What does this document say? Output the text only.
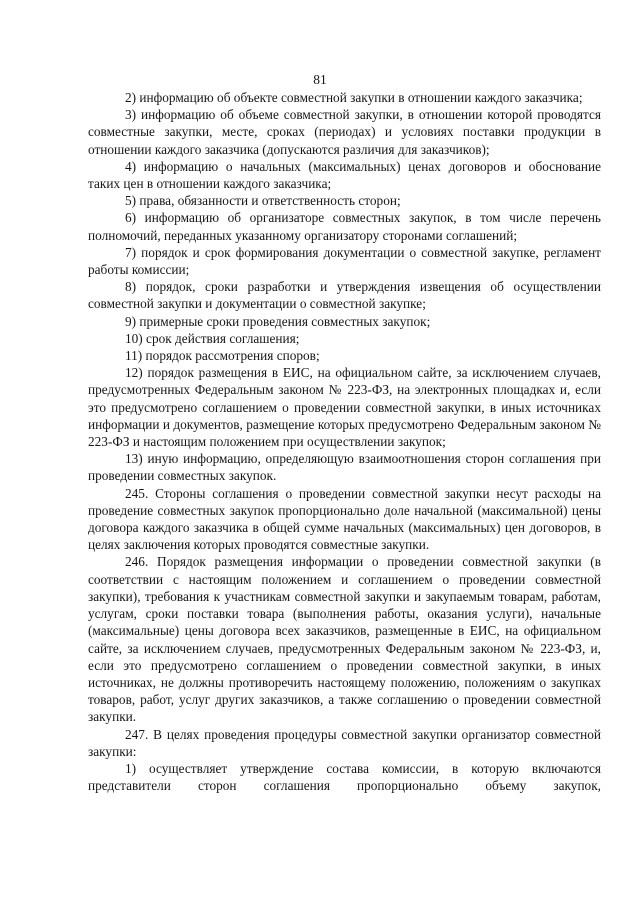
81

2) информацию об объекте совместной закупки в отношении каждого заказчика;

3) информацию об объеме совместной закупки, в отношении которой проводятся совместные закупки, месте, сроках (периодах) и условиях поставки продукции в отношении каждого заказчика (допускаются различия для заказчиков);

4) информацию о начальных (максимальных) ценах договоров и обоснование таких цен в отношении каждого заказчика;

5) права, обязанности и ответственность сторон;

6) информацию об организаторе совместных закупок, в том числе перечень полномочий, переданных указанному организатору сторонами соглашений;

7) порядок и срок формирования документации о совместной закупке, регламент работы комиссии;

8) порядок, сроки разработки и утверждения извещения об осуществлении совместной закупки и документации о совместной закупке;

9) примерные сроки проведения совместных закупок;

10) срок действия соглашения;

11) порядок рассмотрения споров;

12) порядок размещения в ЕИС, на официальном сайте, за исключением случаев, предусмотренных Федеральным законом № 223-ФЗ, на электронных площадках и, если это предусмотрено соглашением о проведении совместной закупки, в иных источниках информации и документов, размещение которых предусмотрено Федеральным законом № 223-ФЗ и настоящим положением при осуществлении закупок;

13) иную информацию, определяющую взаимоотношения сторон соглашения при проведении совместных закупок.

245. Стороны соглашения о проведении совместной закупки несут расходы на проведение совместных закупок пропорционально доле начальной (максимальной) цены договора каждого заказчика в общей сумме начальных (максимальных) цен договоров, в целях заключения которых проводятся совместные закупки.

246. Порядок размещения информации о проведении совместной закупки (в соответствии с настоящим положением и соглашением о проведении совместной закупки), требования к участникам совместной закупки и закупаемым товарам, работам, услугам, сроки поставки товара (выполнения работы, оказания услуги), начальные (максимальные) цены договора всех заказчиков, размещенные в ЕИС, на официальном сайте, за исключением случаев, предусмотренных Федеральным законом № 223-ФЗ, и, если это предусмотрено соглашением о проведении совместной закупки, в иных источниках, не должны противоречить настоящему положению, положениям о закупках товаров, работ, услуг других заказчиков, а также соглашению о проведении совместной закупки.

247. В целях проведения процедуры совместной закупки организатор совместной закупки:

1) осуществляет утверждение состава комиссии, в которую включаются представители сторон соглашения пропорционально объему закупок,
